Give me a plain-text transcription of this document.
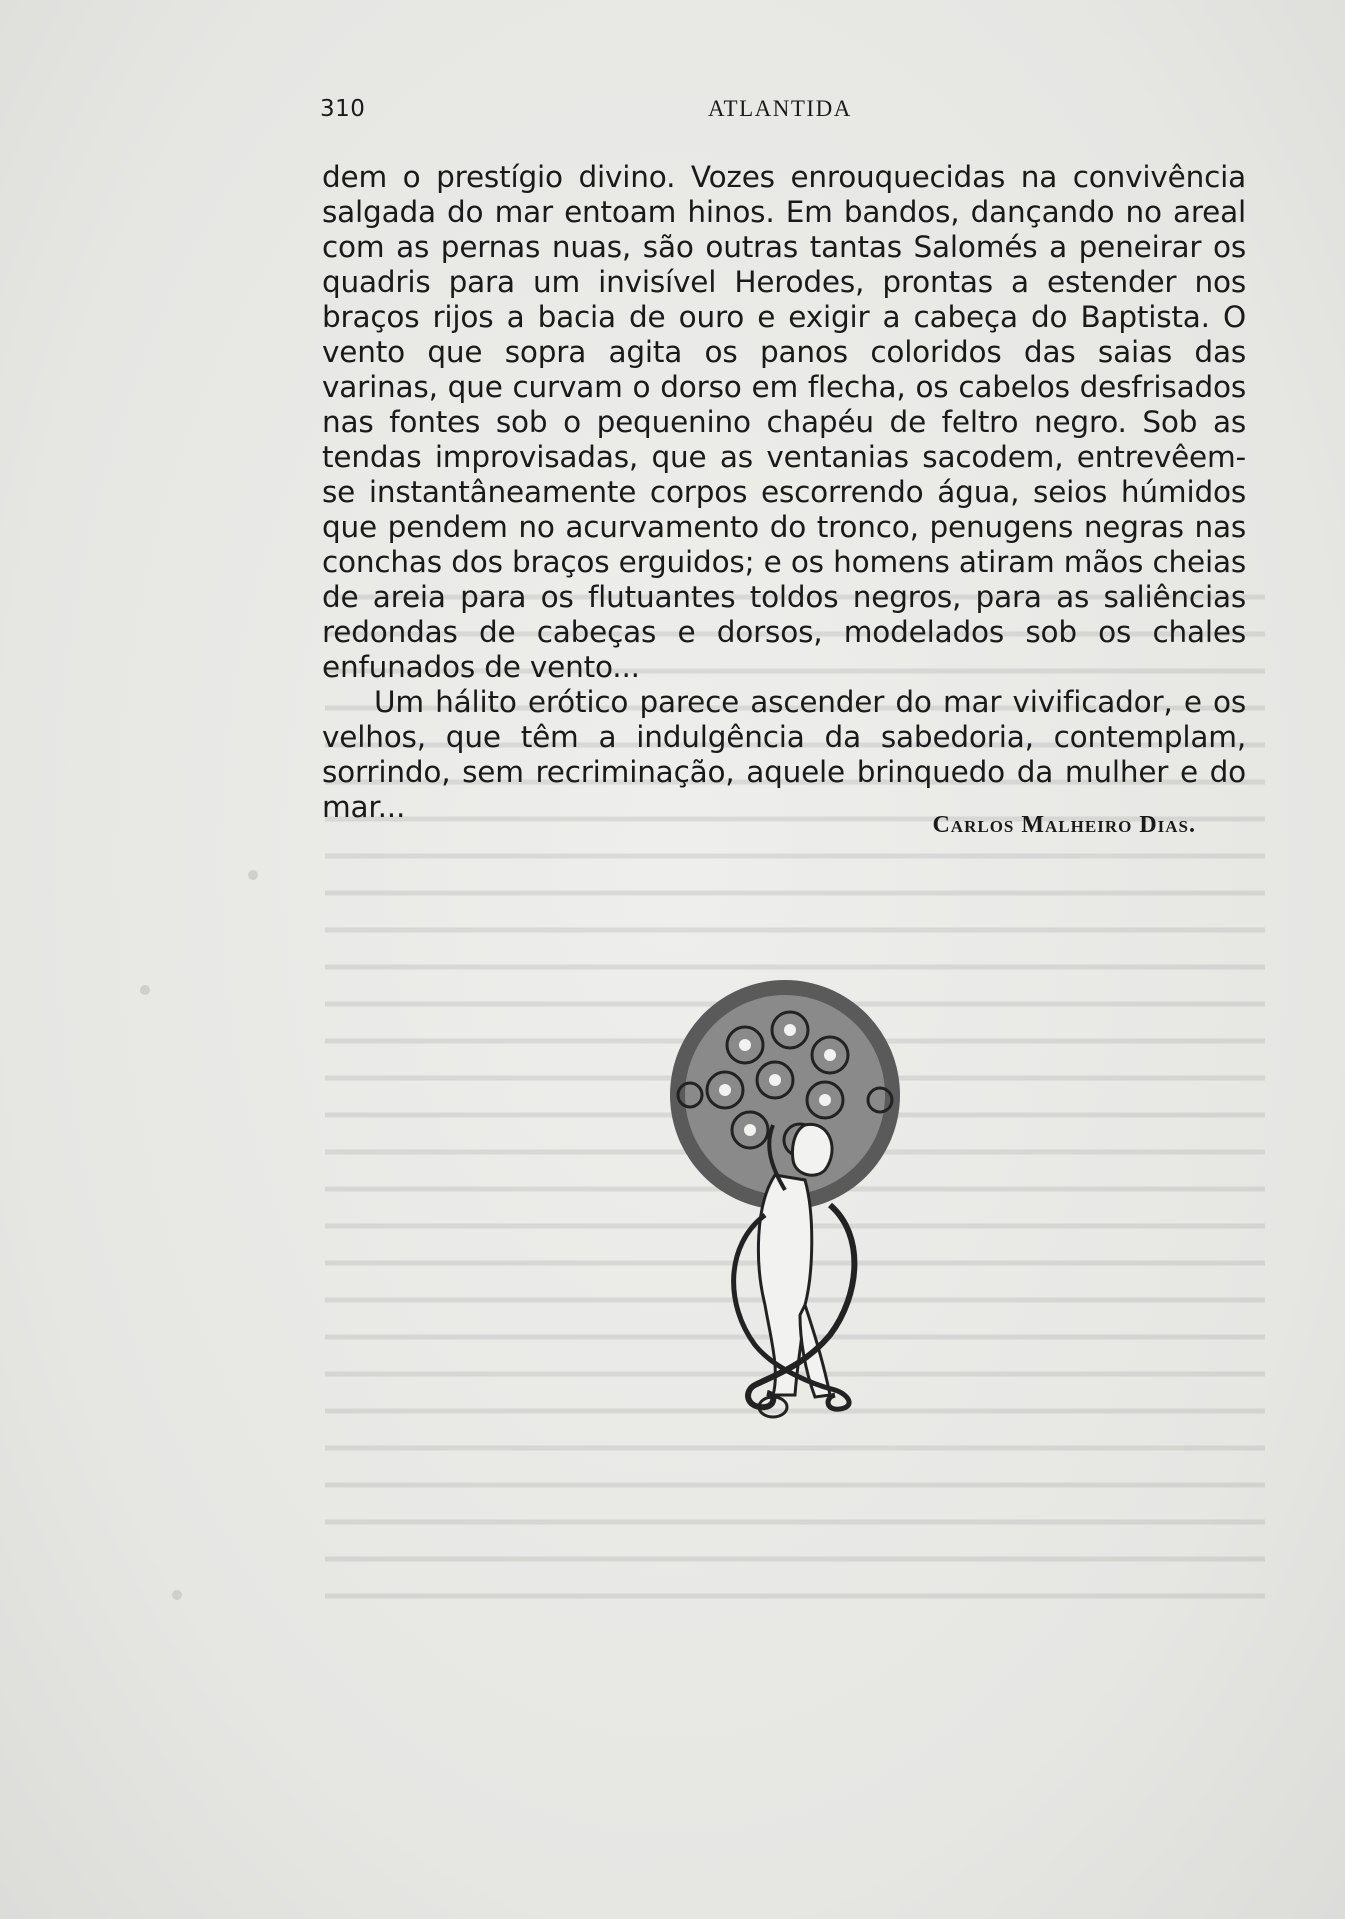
310	ATLANTIDA

dem o prestígio divino. Vozes enrouquecidas na convivência salgada do mar entoam hinos. Em bandos, dançando no areal com as pernas nuas, são outras tantas Salomés a peneirar os quadris para um invisível Herodes, prontas a estender nos braços rijos a bacia de ouro e exigir a cabeça do Baptista. O vento que sopra agita os panos coloridos das saias das varinas, que curvam o dorso em flecha, os cabelos desfrisados nas fontes sob o pequenino chapéu de feltro negro. Sob as tendas improvisadas, que as ventanias sacodem, entrevêem-se instantâneamente corpos escorrendo água, seios húmidos que pendem no acurvamento do tronco, penugens negras nas conchas dos braços erguidos; e os homens atiram mãos cheias de areia para os flutuantes toldos negros, para as saliências redondas de cabeças e dorsos, modelados sob os chales enfunados de vento...

Um hálito erótico parece ascender do mar vivificador, e os velhos, que têm a indulgência da sabedoria, contemplam, sorrindo, sem recriminação, aquele brinquedo da mulher e do mar...

Carlos Malheiro Dias.
